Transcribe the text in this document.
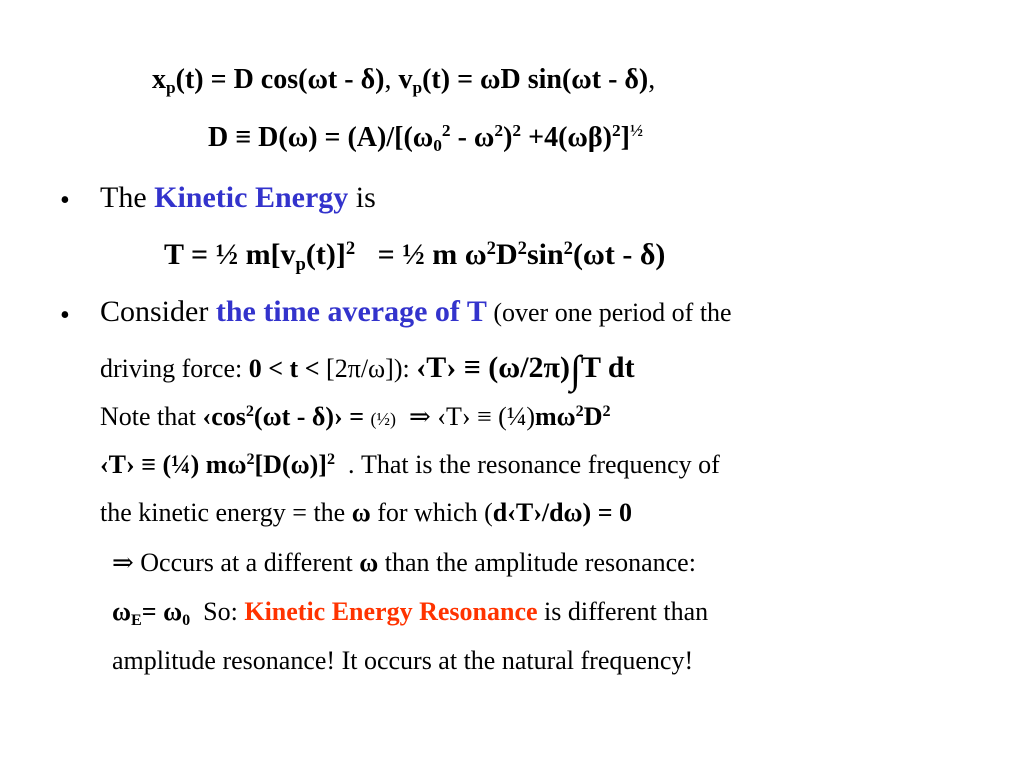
$x_p(t) = D$ cos(ωt - δ), $v_p(t) = \omega D$ sin(ωt - δ),
$D \equiv D(\omega) = (A)/[(\omega_0^2 - \omega^2)^2 +4(\omega\beta)^2]^{\frac{1}{2}}$
• The Kinetic Energy is
T = ½ $m[v_p(t)]^2$   = ½ m $\omega^2D^2\sin^2(\omega t - \delta)$
• Consider the time average of T (over one period of the
driving force: 0 < t < [2π/ω]): ‹T› ≡ (ω/2π)∫T dt
Note that $‹\cos^2(\omega t$ - δ)› = (½)  ⇒ ‹T› ≡ $(\frac{1}{4})m\omega^2D^2$
‹T› ≡ (¼) $m\omega^2[D(\omega)]^2$  . That is the resonance frequency of
the kinetic energy = the ω for which (d‹T›/dω) = 0
⇒ Occurs at a different ω than the amplitude resonance:
$\omega_E= \omega_0$  So: Kinetic Energy Resonance is different than
amplitude resonance! It occurs at the natural frequency!
